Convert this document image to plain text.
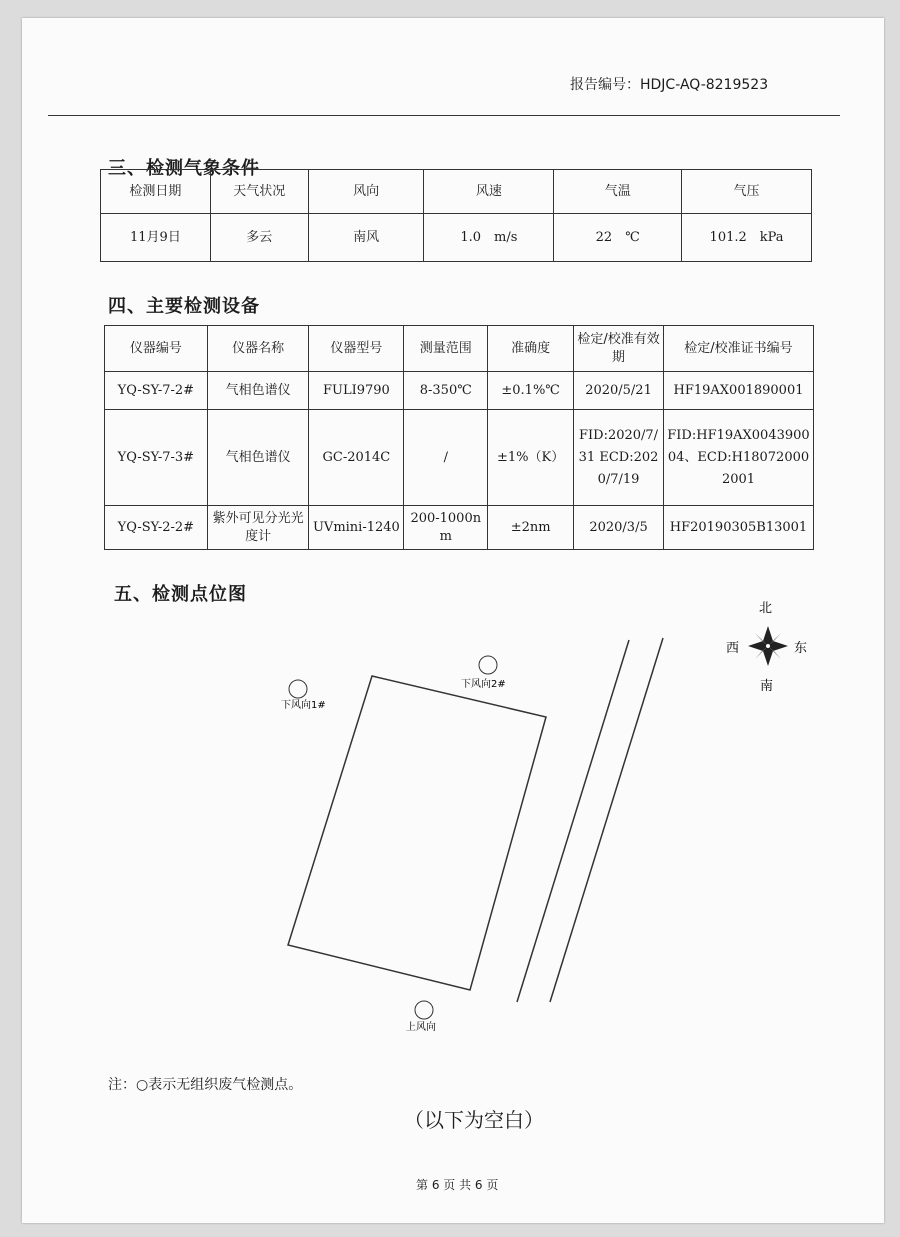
报告编号：HDJC-AQ-8219523
三、检测气象条件
检测日期	天气状况	风向	风速	气温	气压
11月9日	多云	南风	1.0　m/s	22　℃	101.2　kPa
四、主要检测设备
仪器编号	仪器名称	仪器型号	测量范围	准确度	检定/校准有效期	检定/校准证书编号
YQ-SY-7-2#	气相色谱仪	FULI9790	8-350℃	±0.1%℃	2020/5/21	HF19AX001890001
YQ-SY-7-3#	气相色谱仪	GC-2014C	/	±1%（K）	FID:2020/7/31 ECD:2020/7/19	FID:HF19AX004390004、ECD:H180720002001
YQ-SY-2-2#	紫外可见分光光度计	UVmini-1240	200-1000nm	±2nm	2020/3/5	HF20190305B13001
五、检测点位图
北
南
西	东
下风向1#
下风向2#
上风向
注：○表示无组织废气检测点。
（以下为空白）
第 6 页 共 6 页
